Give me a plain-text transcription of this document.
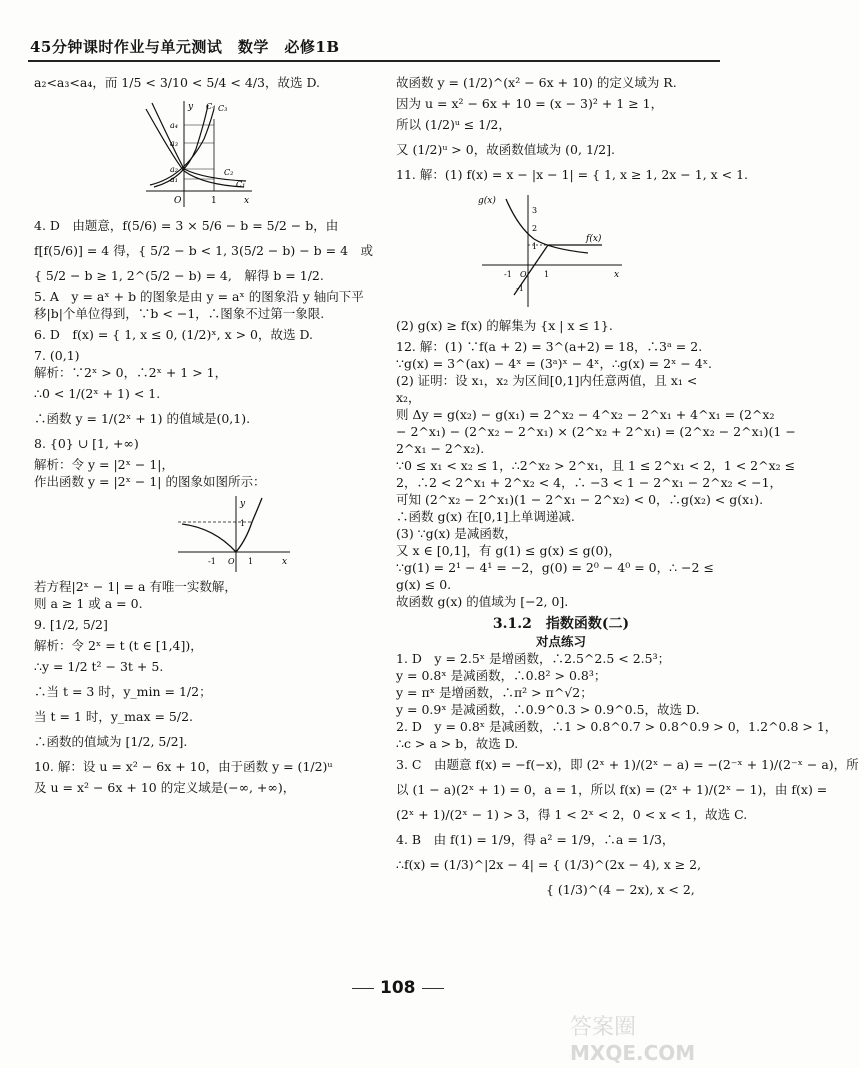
45分钟课时作业与单元测试　数学　必修1B

a₂<a₃<a₄，而 1/5 < 3/10 < 5/4 < 4/3，故选 D.

y
x
O	1
a₄
a₃
a₂
a₁
C₄ C₃
C₂
C₁

4. D　由题意，f(5/6) = 3 × 5/6 − b = 5/2 − b，由

f[f(5/6)] = 4 得，{ 5/2 − b < 1, 3(5/2 − b) − b = 4　或

{ 5/2 − b ≥ 1, 2^(5/2 − b) = 4,　解得 b = 1/2.

5. A　y = aˣ + b 的图象是由 y = aˣ 的图象沿 y 轴向下平

移|b|个单位得到，∵b < −1，∴图象不过第一象限.

6. D　f(x) = { 1, x ≤ 0, (1/2)ˣ, x > 0，故选 D.

7. (0,1)

解析：∵2ˣ > 0，∴2ˣ + 1 > 1，

∴0 < 1/(2ˣ + 1) < 1.

∴函数 y = 1/(2ˣ + 1) 的值域是(0,1).

8. {0} ∪ [1, +∞)

解析：令 y = |2ˣ − 1|，

作出函数 y = |2ˣ − 1| 的图象如图所示：

y
x
1
-1 O 1

若方程|2ˣ − 1| = a 有唯一实数解，

则 a ≥ 1 或 a = 0.

9. [1/2, 5/2]

解析：令 2ˣ = t (t ∈ [1,4])，

∴y = 1/2 t² − 3t + 5.

∴当 t = 3 时，y_min = 1/2；

当 t = 1 时，y_max = 5/2.

∴函数的值域为 [1/2, 5/2].

10. 解：设 u = x² − 6x + 10，由于函数 y = (1/2)ᵘ

及 u = x² − 6x + 10 的定义域是(−∞, +∞)，

故函数 y = (1/2)^(x² − 6x + 10) 的定义域为 R.

因为 u = x² − 6x + 10 = (x − 3)² + 1 ≥ 1，

所以 (1/2)ᵘ ≤ 1/2，

又 (1/2)ᵘ > 0，故函数值域为 (0, 1/2].

11. 解：(1) f(x) = x − |x − 1| = { 1, x ≥ 1, 2x − 1, x < 1.

g(x)
f(x)
x
3
2
1
O
-1	1
-1

(2) g(x) ≥ f(x) 的解集为 {x | x ≤ 1}.

12. 解：(1) ∵f(a + 2) = 3^(a+2) = 18，∴3ᵃ = 2.

∵g(x) = 3^(ax) − 4ˣ = (3ᵃ)ˣ − 4ˣ，∴g(x) = 2ˣ − 4ˣ.

(2) 证明：设 x₁，x₂ 为区间[0,1]内任意两值，且 x₁ <

x₂，

则 Δy = g(x₂) − g(x₁) = 2^x₂ − 4^x₂ − 2^x₁ + 4^x₁ = (2^x₂

− 2^x₁) − (2^x₂ − 2^x₁) × (2^x₂ + 2^x₁) = (2^x₂ − 2^x₁)(1 −

2^x₁ − 2^x₂).

∵0 ≤ x₁ < x₂ ≤ 1，∴2^x₂ > 2^x₁，且 1 ≤ 2^x₁ < 2，1 < 2^x₂ ≤

2，∴2 < 2^x₁ + 2^x₂ < 4，∴ −3 < 1 − 2^x₁ − 2^x₂ < −1，

可知 (2^x₂ − 2^x₁)(1 − 2^x₁ − 2^x₂) < 0，∴g(x₂) < g(x₁).

∴函数 g(x) 在[0,1]上单调递减.

(3) ∵g(x) 是减函数，

又 x ∈ [0,1]，有 g(1) ≤ g(x) ≤ g(0)，

∵g(1) = 2¹ − 4¹ = −2，g(0) = 2⁰ − 4⁰ = 0，∴ −2 ≤

g(x) ≤ 0.

故函数 g(x) 的值域为 [−2, 0].

3.1.2　指数函数(二)

对点练习

1. D　y = 2.5ˣ 是增函数，∴2.5^2.5 < 2.5³；

y = 0.8ˣ 是减函数，∴0.8² > 0.8³；

y = πˣ 是增函数，∴π² > π^√2；

y = 0.9ˣ 是减函数，∴0.9^0.3 > 0.9^0.5，故选 D.

2. D　y = 0.8ˣ 是减函数，∴1 > 0.8^0.7 > 0.8^0.9 > 0，1.2^0.8 > 1，

∴c > a > b，故选 D.

3. C　由题意 f(x) = −f(−x)，即 (2ˣ + 1)/(2ˣ − a) = −(2⁻ˣ + 1)/(2⁻ˣ − a)，所

以 (1 − a)(2ˣ + 1) = 0，a = 1，所以 f(x) = (2ˣ + 1)/(2ˣ − 1)，由 f(x) =

(2ˣ + 1)/(2ˣ − 1) > 3，得 1 < 2ˣ < 2，0 < x < 1，故选 C.

4. B　由 f(1) = 1/9，得 a² = 1/9，∴a = 1/3，

∴f(x) = (1/3)^|2x − 4| = { (1/3)^(2x − 4), x ≥ 2,

　　　　　　　　　　　　{ (1/3)^(4 − 2x), x < 2,

108
答案圈
MXQE.COM
